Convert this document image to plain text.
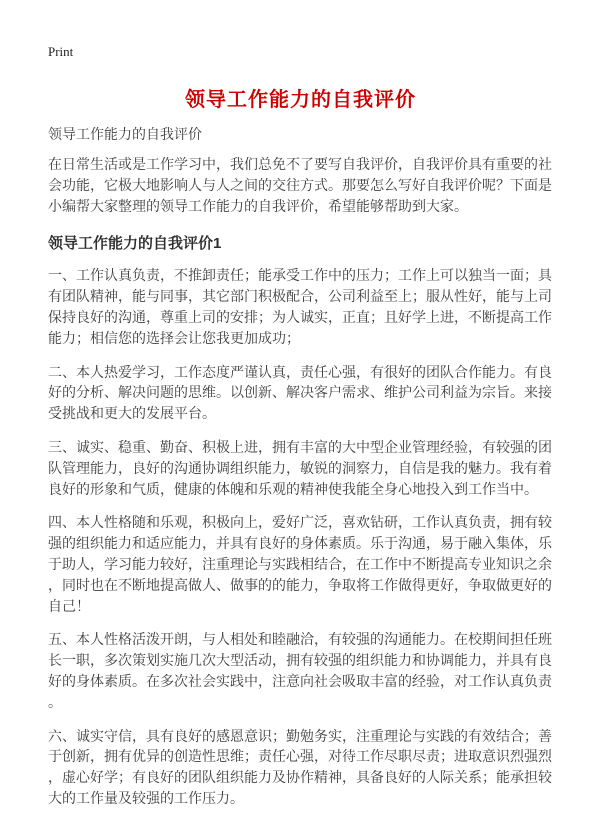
Print
领导工作能力的自我评价

领导工作能力的自我评价

在日常生活或是工作学习中，我们总免不了要写自我评价，自我评价具有重要的社会功能，它极大地影响人与人之间的交往方式。那要怎么写好自我评价呢？下面是小编帮大家整理的领导工作能力的自我评价，希望能够帮助到大家。

领导工作能力的自我评价1

一、工作认真负责，不推卸责任；能承受工作中的压力；工作上可以独当一面；具有团队精神，能与同事，其它部门积极配合，公司利益至上；服从性好，能与上司保持良好的沟通，尊重上司的安排；为人诚实，正直；且好学上进，不断提高工作能力；相信您的选择会让您我更加成功；

二、本人热爱学习，工作态度严谨认真，责任心强，有很好的团队合作能力。有良好的分析、解决问题的思维。以创新、解决客户需求、维护公司利益为宗旨。来接受挑战和更大的发展平台。

三、诚实、稳重、勤奋、积极上进，拥有丰富的大中型企业管理经验，有较强的团队管理能力，良好的沟通协调组织能力，敏锐的洞察力，自信是我的魅力。我有着良好的形象和气质，健康的体魄和乐观的精神使我能全身心地投入到工作当中。

四、本人性格随和乐观，积极向上，爱好广泛，喜欢钻研，工作认真负责，拥有较强的组织能力和适应能力，并具有良好的身体素质。乐于沟通，易于融入集体，乐于助人，学习能力较好，注重理论与实践相结合，在工作中不断提高专业知识之余，同时也在不断地提高做人、做事的的能力，争取将工作做得更好，争取做更好的自己！

五、本人性格活泼开朗，与人相处和睦融洽，有较强的沟通能力。在校期间担任班长一职，多次策划实施几次大型活动，拥有较强的组织能力和协调能力，并具有良好的身体素质。在多次社会实践中，注意向社会吸取丰富的经验，对工作认真负责。

六、诚实守信，具有良好的感恩意识；勤勉务实，注重理论与实践的有效结合；善于创新，拥有优异的创造性思维；责任心强，对待工作尽职尽责；进取意识烈强烈，虚心好学；有良好的团队组织能力及协作精神，具备良好的人际关系；能承担较大的工作量及较强的工作压力。
